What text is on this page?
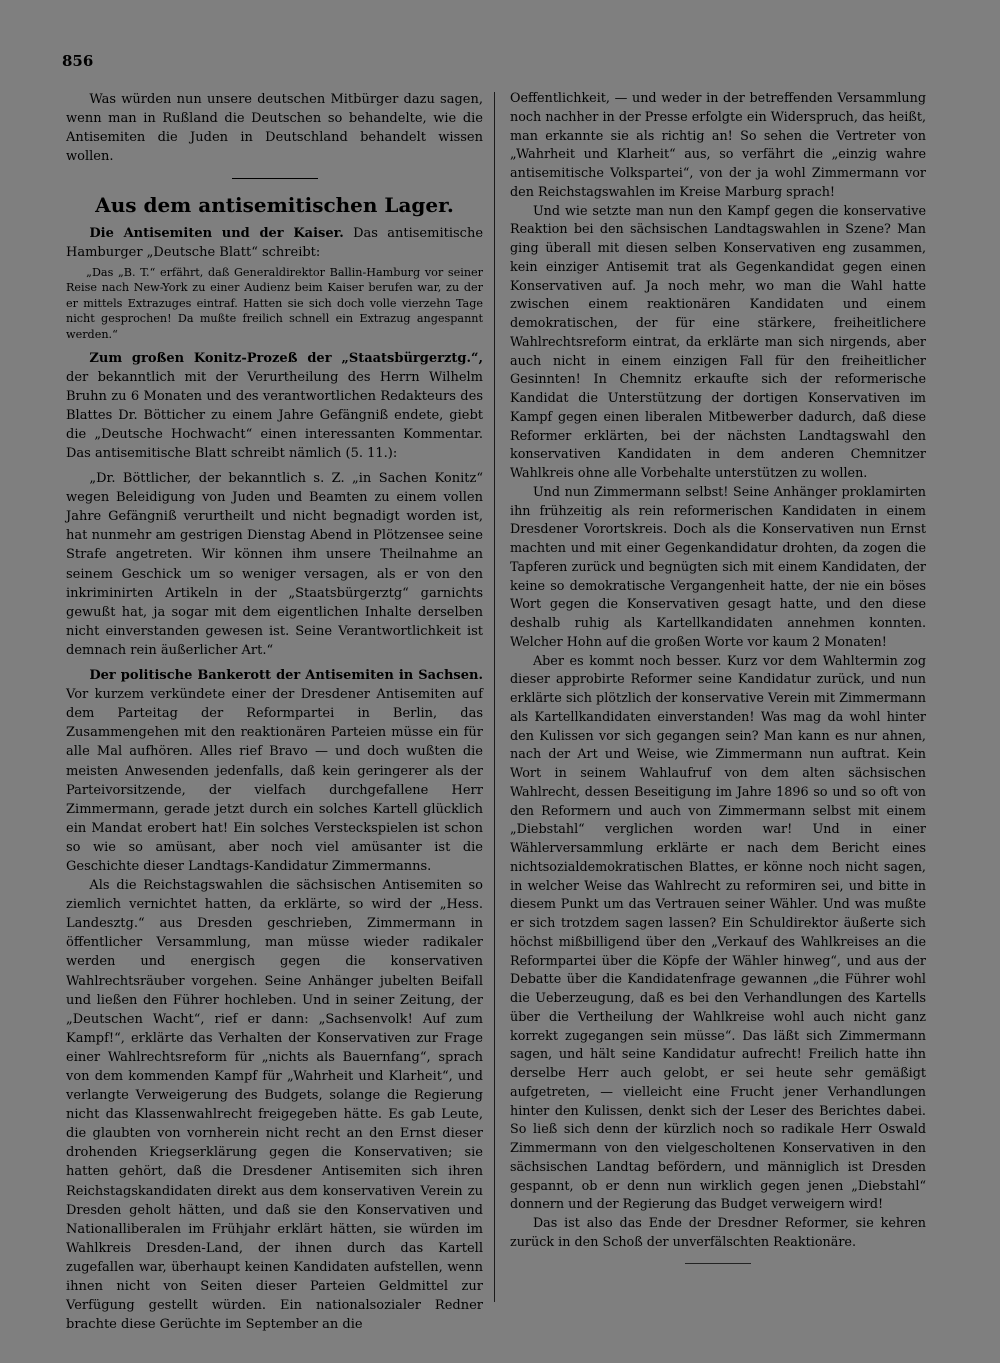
856

Was würden nun unsere deutschen Mitbürger dazu sagen, wenn man in Rußland die Deutschen so behandelte, wie die Antisemiten die Juden in Deutschland behandelt wissen wollen.

Aus dem antisemitischen Lager.

Die Antisemiten und der Kaiser. Das antisemitische Hamburger „Deutsche Blatt“ schreibt:

„Das „B. T.“ erfährt, daß Generaldirektor Ballin-Hamburg vor seiner Reise nach New-York zu einer Audienz beim Kaiser berufen war, zu der er mittels Extrazuges eintraf. Hatten sie sich doch volle vierzehn Tage nicht gesprochen! Da mußte freilich schnell ein Extrazug angespannt werden.“

Zum großen Konitz-Prozeß der „Staatsbürgerztg.“, der bekanntlich mit der Verurtheilung des Herrn Wilhelm Bruhn zu 6 Monaten und des verantwortlichen Redakteurs des Blattes Dr. Bötticher zu einem Jahre Gefängniß endete, giebt die „Deutsche Hochwacht“ einen interessanten Kommentar. Das antisemitische Blatt schreibt nämlich (5. 11.):

„Dr. Böttlicher, der bekanntlich s. Z. „in Sachen Konitz“ wegen Beleidigung von Juden und Beamten zu einem vollen Jahre Gefängniß verurtheilt und nicht begnadigt worden ist, hat nunmehr am gestrigen Dienstag Abend in Plötzensee seine Strafe angetreten. Wir können ihm unsere Theilnahme an seinem Geschick um so weniger versagen, als er von den inkriminirten Artikeln in der „Staatsbürgerztg“ garnichts gewußt hat, ja sogar mit dem eigentlichen Inhalte derselben nicht einverstanden gewesen ist. Seine Verantwortlichkeit ist demnach rein äußerlicher Art.“

Der politische Bankerott der Antisemiten in Sachsen. Vor kurzem verkündete einer der Dresdener Antisemiten auf dem Parteitag der Reformpartei in Berlin, das Zusammengehen mit den reaktionären Parteien müsse ein für alle Mal aufhören. Alles rief Bravo — und doch wußten die meisten Anwesenden jedenfalls, daß kein geringerer als der Parteivorsitzende, der vielfach durchgefallene Herr Zimmermann, gerade jetzt durch ein solches Kartell glücklich ein Mandat erobert hat! Ein solches Versteckspielen ist schon so wie so amüsant, aber noch viel amüsanter ist die Geschichte dieser Landtags-Kandidatur Zimmermanns.

Als die Reichstagswahlen die sächsischen Antisemiten so ziemlich vernichtet hatten, da erklärte, so wird der „Hess. Landesztg.“ aus Dresden geschrieben, Zimmermann in öffentlicher Versammlung, man müsse wieder radikaler werden und energisch gegen die konservativen Wahlrechtsräuber vorgehen. Seine Anhänger jubelten Beifall und ließen den Führer hochleben. Und in seiner Zeitung, der „Deutschen Wacht“, rief er dann: „Sachsenvolk! Auf zum Kampf!“, erklärte das Verhalten der Konservativen zur Frage einer Wahlrechtsreform für „nichts als Bauernfang“, sprach von dem kommenden Kampf für „Wahrheit und Klarheit“, und verlangte Verweigerung des Budgets, solange die Regierung nicht das Klassenwahlrecht freigegeben hätte. Es gab Leute, die glaubten von vornherein nicht recht an den Ernst dieser drohenden Kriegserklärung gegen die Konservativen; sie hatten gehört, daß die Dresdener Antisemiten sich ihren Reichstagskandidaten direkt aus dem konservativen Verein zu Dresden geholt hätten, und daß sie den Konservativen und Nationalliberalen im Frühjahr erklärt hätten, sie würden im Wahlkreis Dresden-Land, der ihnen durch das Kartell zugefallen war, überhaupt keinen Kandidaten aufstellen, wenn ihnen nicht von Seiten dieser Parteien Geldmittel zur Verfügung gestellt würden. Ein nationalsozialer Redner brachte diese Gerüchte im September an die

Oeffentlichkeit, — und weder in der betreffenden Versammlung noch nachher in der Presse erfolgte ein Widerspruch, das heißt, man erkannte sie als richtig an! So sehen die Vertreter von „Wahrheit und Klarheit“ aus, so verfährt die „einzig wahre antisemitische Volkspartei“, von der ja wohl Zimmermann vor den Reichstagswahlen im Kreise Marburg sprach!

Und wie setzte man nun den Kampf gegen die konservative Reaktion bei den sächsischen Landtagswahlen in Szene? Man ging überall mit diesen selben Konservativen eng zusammen, kein einziger Antisemit trat als Gegenkandidat gegen einen Konservativen auf. Ja noch mehr, wo man die Wahl hatte zwischen einem reaktionären Kandidaten und einem demokratischen, der für eine stärkere, freiheitlichere Wahlrechtsreform eintrat, da erklärte man sich nirgends, aber auch nicht in einem einzigen Fall für den freiheitlicher Gesinnten! In Chemnitz erkaufte sich der reformerische Kandidat die Unterstützung der dortigen Konservativen im Kampf gegen einen liberalen Mitbewerber dadurch, daß diese Reformer erklärten, bei der nächsten Landtagswahl den konservativen Kandidaten in dem anderen Chemnitzer Wahlkreis ohne alle Vorbehalte unterstützen zu wollen.

Und nun Zimmermann selbst! Seine Anhänger proklamirten ihn frühzeitig als rein reformerischen Kandidaten in einem Dresdener Vorortskreis. Doch als die Konservativen nun Ernst machten und mit einer Gegenkandidatur drohten, da zogen die Tapferen zurück und begnügten sich mit einem Kandidaten, der keine so demokratische Vergangenheit hatte, der nie ein böses Wort gegen die Konservativen gesagt hatte, und den diese deshalb ruhig als Kartellkandidaten annehmen konnten. Welcher Hohn auf die großen Worte vor kaum 2 Monaten!

Aber es kommt noch besser. Kurz vor dem Wahltermin zog dieser approbirte Reformer seine Kandidatur zurück, und nun erklärte sich plötzlich der konservative Verein mit Zimmermann als Kartellkandidaten einverstanden! Was mag da wohl hinter den Kulissen vor sich gegangen sein? Man kann es nur ahnen, nach der Art und Weise, wie Zimmermann nun auftrat. Kein Wort in seinem Wahlaufruf von dem alten sächsischen Wahlrecht, dessen Beseitigung im Jahre 1896 so und so oft von den Reformern und auch von Zimmermann selbst mit einem „Diebstahl“ verglichen worden war! Und in einer Wählerversammlung erklärte er nach dem Bericht eines nichtsozialdemokratischen Blattes, er könne noch nicht sagen, in welcher Weise das Wahlrecht zu reformiren sei, und bitte in diesem Punkt um das Vertrauen seiner Wähler. Und was mußte er sich trotzdem sagen lassen? Ein Schuldirektor äußerte sich höchst mißbilligend über den „Verkauf des Wahlkreises an die Reformpartei über die Köpfe der Wähler hinweg“, und aus der Debatte über die Kandidatenfrage gewannen „die Führer wohl die Ueberzeugung, daß es bei den Verhandlungen des Kartells über die Vertheilung der Wahlkreise wohl auch nicht ganz korrekt zugegangen sein müsse“. Das läßt sich Zimmermann sagen, und hält seine Kandidatur aufrecht! Freilich hatte ihn derselbe Herr auch gelobt, er sei heute sehr gemäßigt aufgetreten, — vielleicht eine Frucht jener Verhandlungen hinter den Kulissen, denkt sich der Leser des Berichtes dabei. So ließ sich denn der kürzlich noch so radikale Herr Oswald Zimmermann von den vielgescholtenen Konservativen in den sächsischen Landtag befördern, und männiglich ist Dresden gespannt, ob er denn nun wirklich gegen jenen „Diebstahl“ donnern und der Regierung das Budget verweigern wird!

Das ist also das Ende der Dresdner Reformer, sie kehren zurück in den Schoß der unverfälschten Reaktionäre.
